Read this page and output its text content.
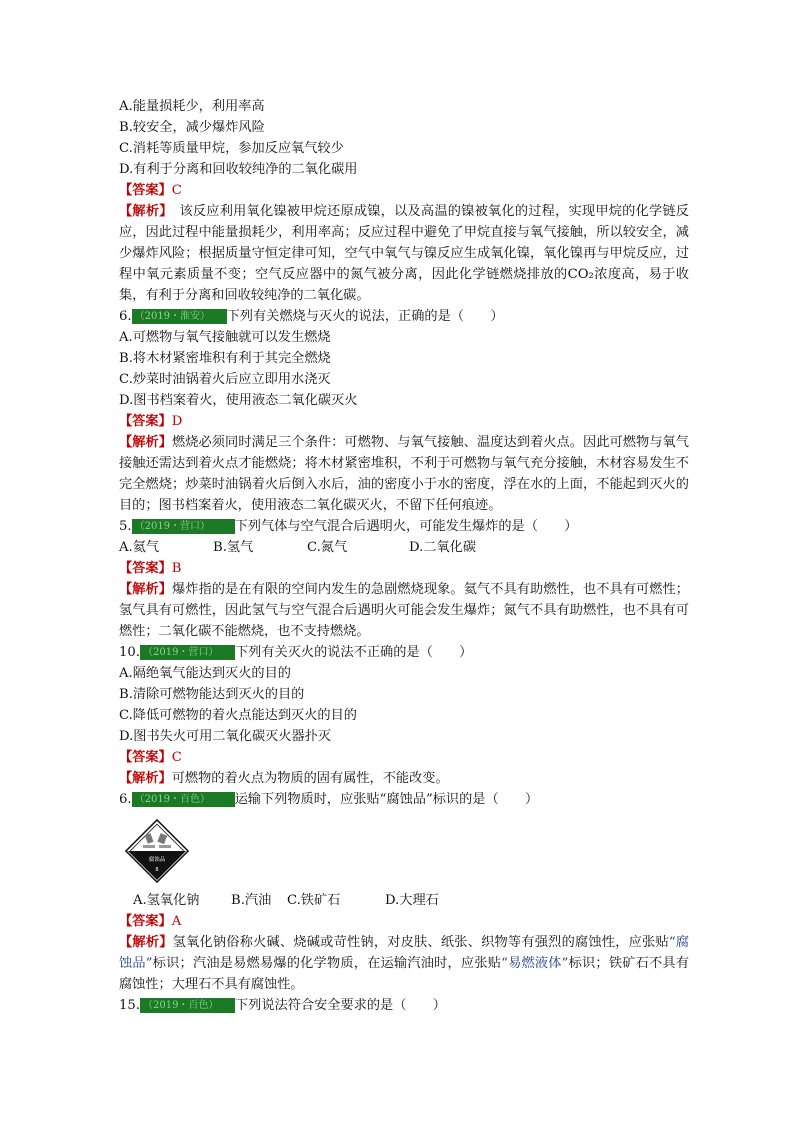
A.能量损耗少，利用率高
B.较安全，减少爆炸风险
C.消耗等质量甲烷，参加反应氧气较少
D.有利于分离和回收较纯净的二氧化碳用
【答案】C
【解析】　该反应利用氧化镍被甲烷还原成镍，以及高温的镍被氧化的过程，实现甲烷的化学链反应，因此过程中能量损耗少，利用率高；反应过程中避免了甲烷直接与氧气接触，所以较安全，减少爆炸风险；根据质量守恒定律可知，空气中氧气与镍反应生成氧化镍，氧化镍再与甲烷反应，过程中氧元素质量不变；空气反应器中的氮气被分离，因此化学链燃烧排放的CO₂浓度高，易于收集，有利于分离和回收较纯净的二氧化碳。
6. （2019・淮安） 下列有关燃烧与灭火的说法，正确的是（　　）
A.可燃物与氧气接触就可以发生燃烧
B.将木材紧密堆积有利于其完全燃烧
C.炒菜时油锅着火后应立即用水浇灭
D.图书档案着火，使用液态二氧化碳灭火
【答案】D
【解析】燃烧必须同时满足三个条件：可燃物、与氧气接触、温度达到着火点。因此可燃物与氧气接触还需达到着火点才能燃烧；将木材紧密堆积，不利于可燃物与氧气充分接触，木材容易发生不完全燃烧；炒菜时油锅着火后倒入水后，油的密度小于水的密度，浮在水的上面，不能起到灭火的目的；图书档案着火，使用液态二氧化碳灭火，不留下任何痕迹。
5. （2019・营口） 下列气体与空气混合后遇明火，可能发生爆炸的是（　　）
A.氦气	B.氢气	C.氮气	D.二氧化碳
【答案】B
【解析】爆炸指的是在有限的空间内发生的急剧燃烧现象。氦气不具有助燃性，也不具有可燃性；氢气具有可燃性，因此氢气与空气混合后遇明火可能会发生爆炸；氮气不具有助燃性，也不具有可燃性；二氧化碳不能燃烧，也不支持燃烧。
10. （2019・营口） 下列有关灭火的说法不正确的是（　　）
A.隔绝氧气能达到灭火的目的
B.清除可燃物能达到灭火的目的
C.降低可燃物的着火点能达到灭火的目的
D.图书失火可用二氧化碳灭火器扑灭
【答案】C
【解析】可燃物的着火点为物质的固有属性，不能改变。
6. （2019・百色） 运输下列物质时，应张贴“腐蚀品”标识的是（　　）
腐蚀品
8
A.氢氧化钠 B.汽油 C.铁矿石	D.大理石
【答案】A
【解析】氢氧化钠俗称火碱、烧碱或苛性钠，对皮肤、纸张、织物等有强烈的腐蚀性，应张贴“腐蚀品”标识；汽油是易燃易爆的化学物质，在运输汽油时，应张贴“易燃液体”标识；铁矿石不具有腐蚀性；大理石不具有腐蚀性。
15. （2019・百色） 下列说法符合安全要求的是（　　）
